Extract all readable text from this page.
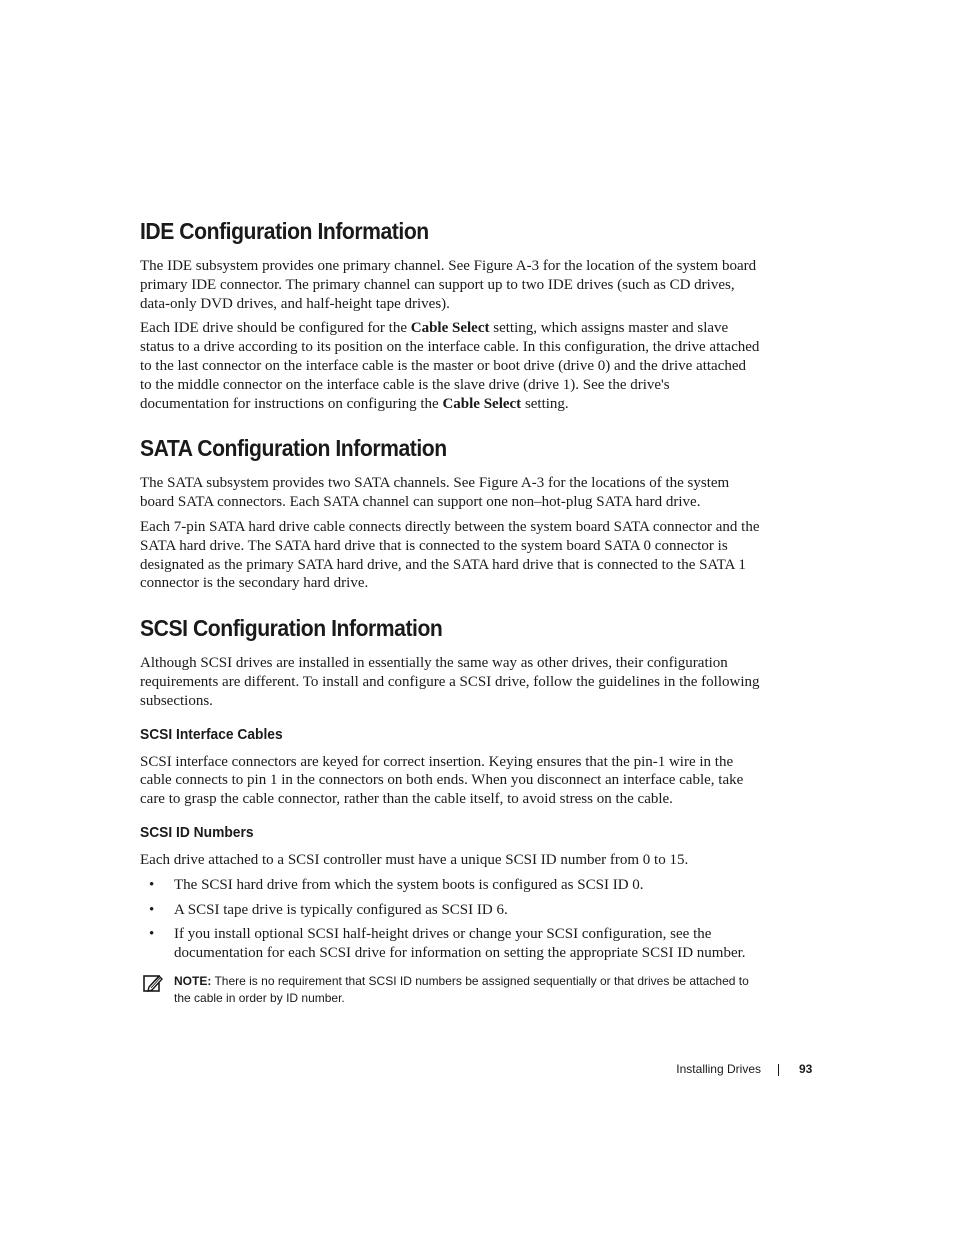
IDE Configuration Information

The IDE subsystem provides one primary channel. See Figure A-3 for the location of the system board primary IDE connector. The primary channel can support up to two IDE drives (such as CD drives, data-only DVD drives, and half-height tape drives).

Each IDE drive should be configured for the Cable Select setting, which assigns master and slave status to a drive according to its position on the interface cable. In this configuration, the drive attached to the last connector on the interface cable is the master or boot drive (drive 0) and the drive attached to the middle connector on the interface cable is the slave drive (drive 1). See the drive's documentation for instructions on configuring the Cable Select setting.

SATA Configuration Information

The SATA subsystem provides two SATA channels. See Figure A-3 for the locations of the system board SATA connectors. Each SATA channel can support one non–hot-plug SATA hard drive.

Each 7-pin SATA hard drive cable connects directly between the system board SATA connector and the SATA hard drive. The SATA hard drive that is connected to the system board SATA 0 connector is designated as the primary SATA hard drive, and the SATA hard drive that is connected to the SATA 1 connector is the secondary hard drive.

SCSI Configuration Information

Although SCSI drives are installed in essentially the same way as other drives, their configuration requirements are different. To install and configure a SCSI drive, follow the guidelines in the following subsections.

SCSI Interface Cables

SCSI interface connectors are keyed for correct insertion. Keying ensures that the pin-1 wire in the cable connects to pin 1 in the connectors on both ends. When you disconnect an interface cable, take care to grasp the cable connector, rather than the cable itself, to avoid stress on the cable.

SCSI ID Numbers

Each drive attached to a SCSI controller must have a unique SCSI ID number from 0 to 15.

• The SCSI hard drive from which the system boots is configured as SCSI ID 0.
• A SCSI tape drive is typically configured as SCSI ID 6.
• If you install optional SCSI half-height drives or change your SCSI configuration, see the documentation for each SCSI drive for information on setting the appropriate SCSI ID number.
NOTE: There is no requirement that SCSI ID numbers be assigned sequentially or that drives be attached to the cable in order by ID number.
Installing Drives	93
